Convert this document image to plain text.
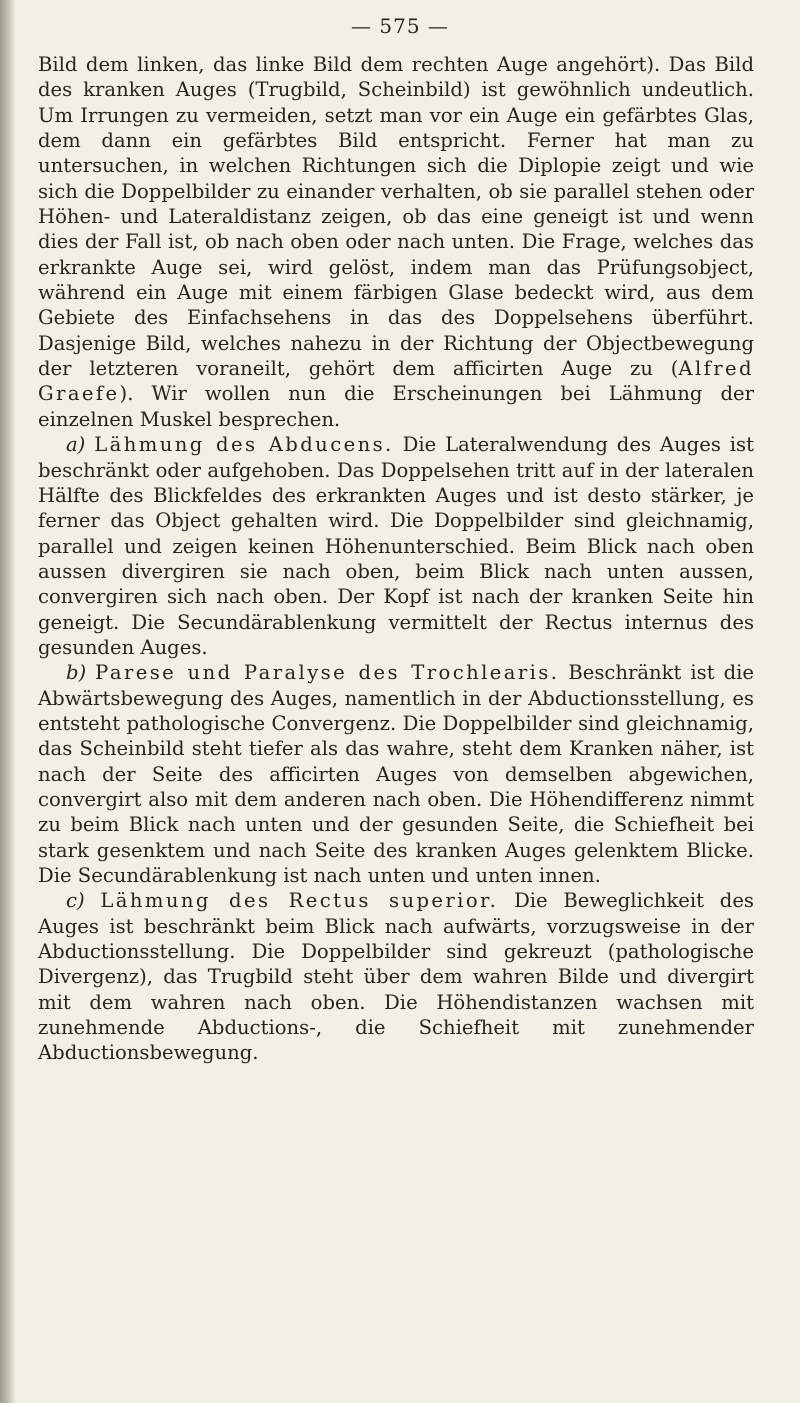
— 575 —

Bild dem linken, das linke Bild dem rechten Auge angehört). Das Bild des kranken Auges (Trugbild, Scheinbild) ist gewöhnlich undeutlich. Um Irrungen zu vermeiden, setzt man vor ein Auge ein gefärbtes Glas, dem dann ein gefärbtes Bild entspricht. Ferner hat man zu untersuchen, in welchen Richtungen sich die Diplopie zeigt und wie sich die Doppelbilder zu einander verhalten, ob sie parallel stehen oder Höhen- und Lateraldistanz zeigen, ob das eine geneigt ist und wenn dies der Fall ist, ob nach oben oder nach unten. Die Frage, welches das erkrankte Auge sei, wird gelöst, indem man das Prüfungsobject, während ein Auge mit einem färbigen Glase bedeckt wird, aus dem Gebiete des Einfachsehens in das des Doppelsehens überführt. Dasjenige Bild, welches nahezu in der Richtung der Objectbewegung der letzteren voraneilt, gehört dem afficirten Auge zu (Alfred Graefe). Wir wollen nun die Erscheinungen bei Lähmung der einzelnen Muskel besprechen.

a) Lähmung des Abducens. Die Lateralwendung des Auges ist beschränkt oder aufgehoben. Das Doppelsehen tritt auf in der lateralen Hälfte des Blickfeldes des erkrankten Auges und ist desto stärker, je ferner das Object gehalten wird. Die Doppelbilder sind gleichnamig, parallel und zeigen keinen Höhenunterschied. Beim Blick nach oben aussen divergiren sie nach oben, beim Blick nach unten aussen, convergiren sich nach oben. Der Kopf ist nach der kranken Seite hin geneigt. Die Secundärablenkung vermittelt der Rectus internus des gesunden Auges.

b) Parese und Paralyse des Trochlearis. Beschränkt ist die Abwärtsbewegung des Auges, namentlich in der Abductionsstellung, es entsteht pathologische Convergenz. Die Doppelbilder sind gleichnamig, das Scheinbild steht tiefer als das wahre, steht dem Kranken näher, ist nach der Seite des afficirten Auges von demselben abgewichen, convergirt also mit dem anderen nach oben. Die Höhendifferenz nimmt zu beim Blick nach unten und der gesunden Seite, die Schiefheit bei stark gesenktem und nach Seite des kranken Auges gelenktem Blicke. Die Secundärablenkung ist nach unten und unten innen.

c) Lähmung des Rectus superior. Die Beweglichkeit des Auges ist beschränkt beim Blick nach aufwärts, vorzugsweise in der Abductionsstellung. Die Doppelbilder sind gekreuzt (pathologische Divergenz), das Trugbild steht über dem wahren Bilde und divergirt mit dem wahren nach oben. Die Höhendistanzen wachsen mit zunehmende Abductions-, die Schiefheit mit zunehmender Abductionsbewegung.
